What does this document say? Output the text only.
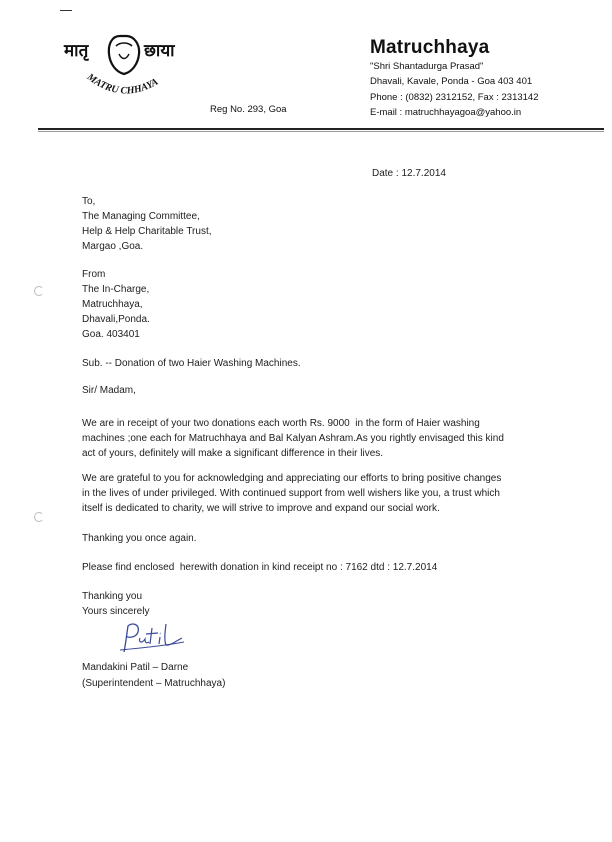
MATRU CHHAYA
मातृ	छाया	Matruchhaya
"Shri Shantadurga Prasad"
Dhavali, Kavale, Ponda - Goa 403 401
Phone : (0832) 2312152, Fax : 2313142
E-mail : matruchhayagoa@yahoo.in
Reg No. 293, Goa
Date : 12.7.2014
To,
The Managing Committee,
Help & Help Charitable Trust,
Margao ,Goa.
From
The In-Charge,
Matruchhaya,
Dhavali,Ponda.
Goa. 403401
Sub. -- Donation of two Haier Washing Machines.
Sir/ Madam,
We are in receipt of your two donations each worth Rs. 9000  in the form of Haier washing
machines ;one each for Matruchhaya and Bal Kalyan Ashram.As you rightly envisaged this kind
act of yours, definitely will make a significant difference in their lives.
We are grateful to you for acknowledging and appreciating our efforts to bring positive changes
in the lives of under privileged. With continued support from well wishers like you, a trust which
itself is dedicated to charity, we will strive to improve and expand our social work.
Thanking you once again.
Please find enclosed  herewith donation in kind receipt no : 7162 dtd : 12.7.2014
Thanking you
Yours sincerely
Mandakini Patil – Darne
(Superintendent – Matruchhaya)
